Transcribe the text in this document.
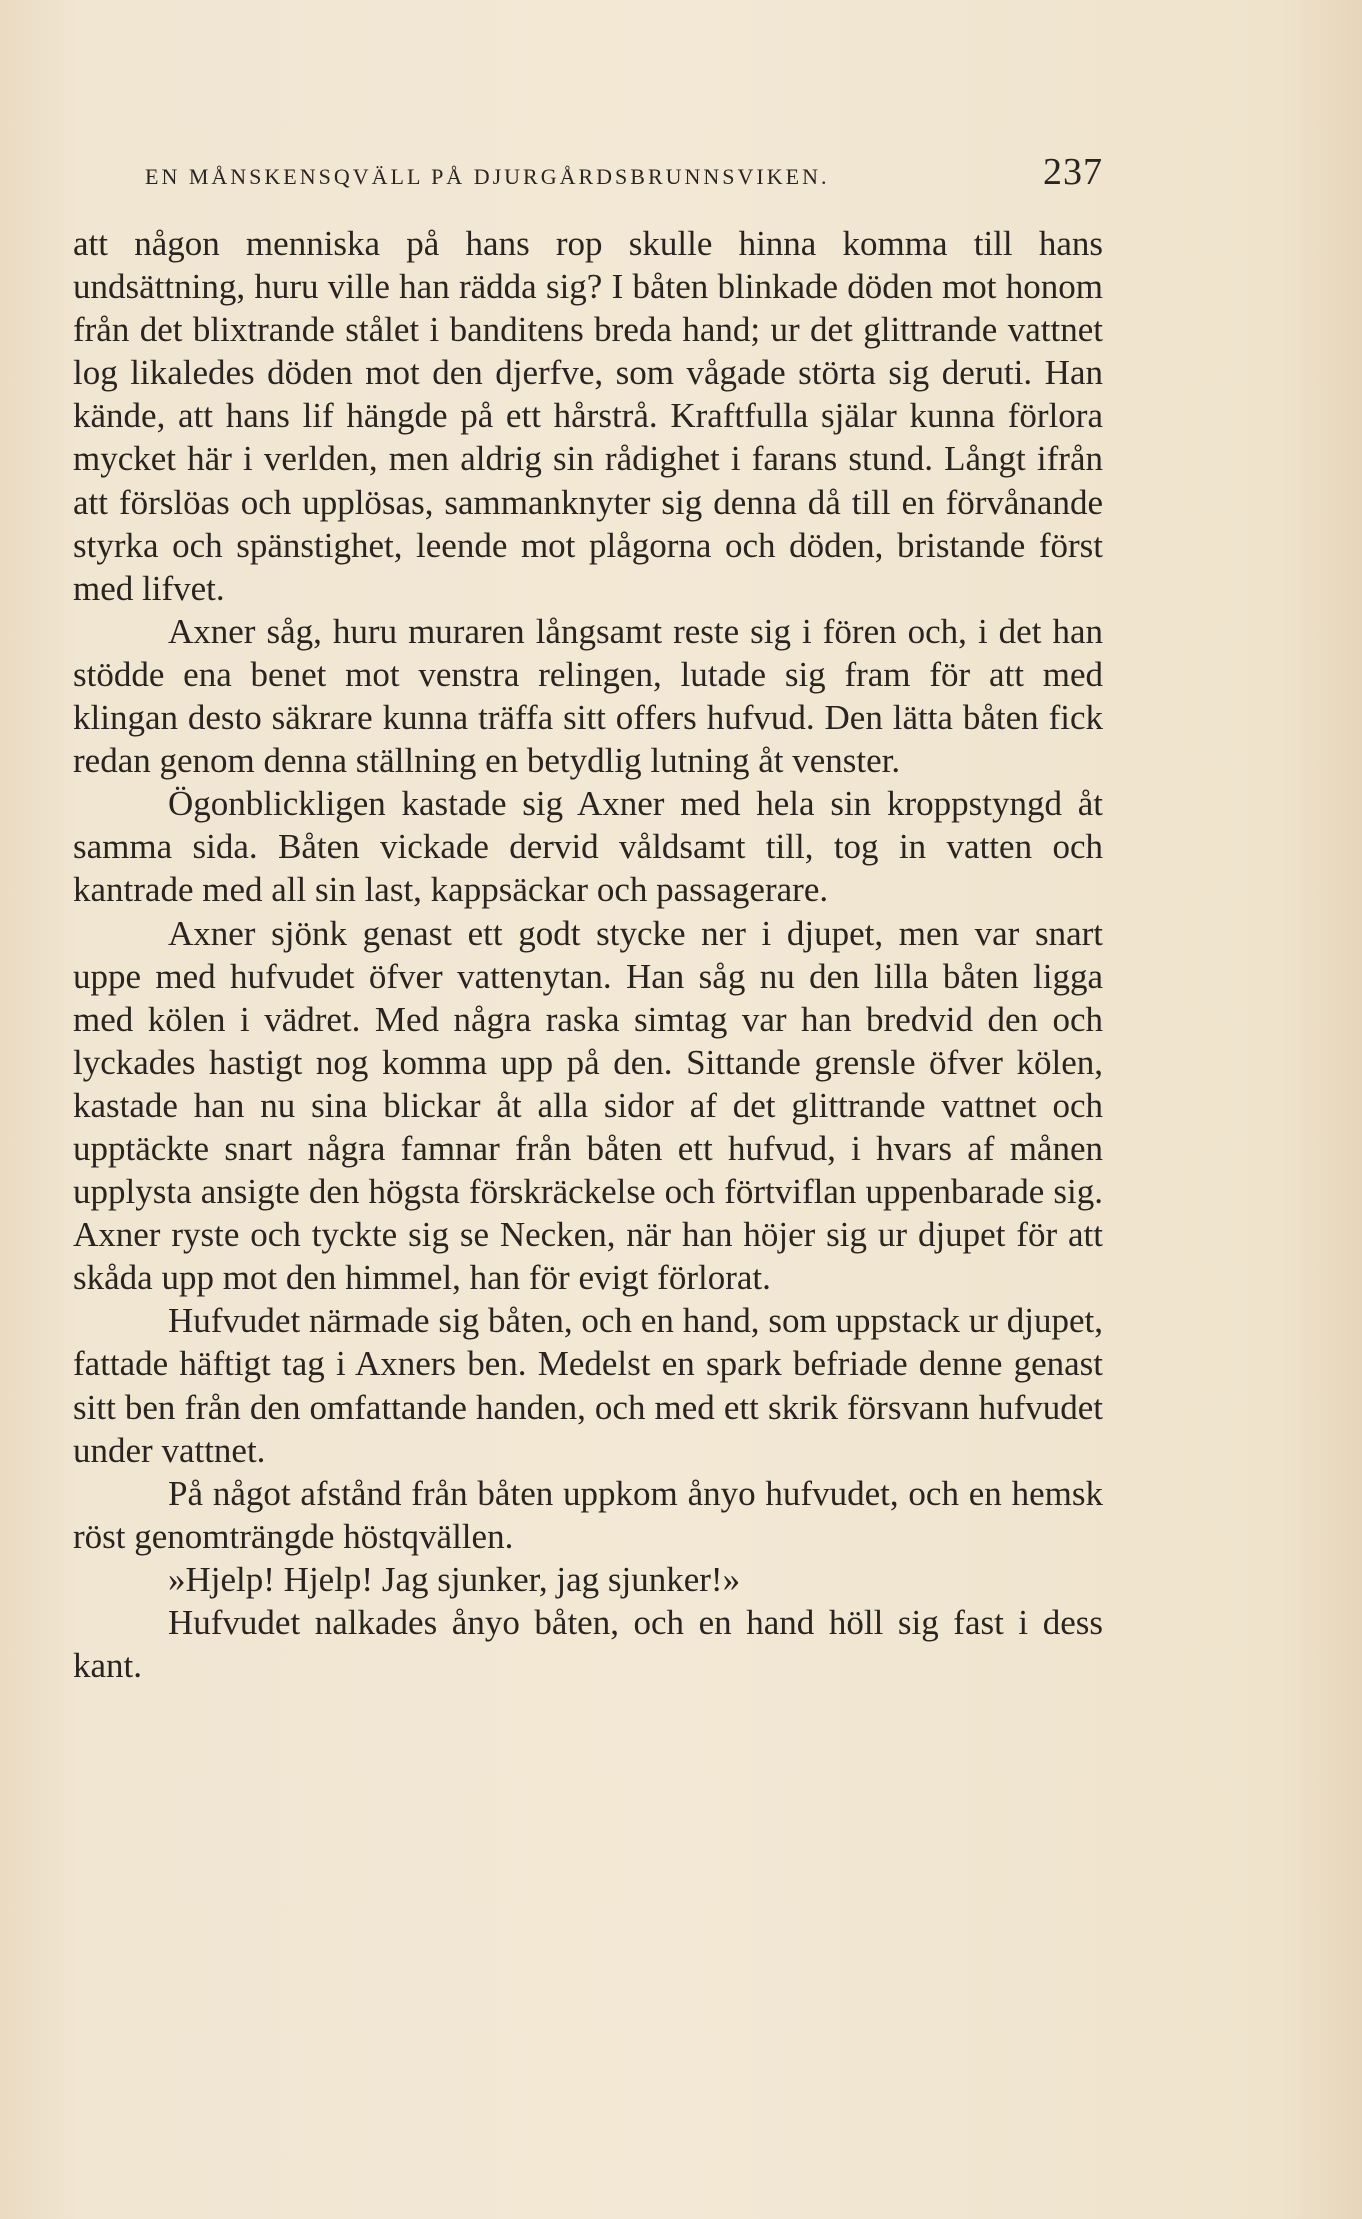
EN MÅNSKENSQVÄLL PÅ DJURGÅRDSBRUNNSVIKEN.	237

att någon menniska på hans rop skulle hinna komma till hans undsättning, huru ville han rädda sig? I båten blinkade döden mot honom från det blixtrande stålet i banditens breda hand; ur det glittrande vattnet log likaledes döden mot den djerfve, som vågade störta sig deruti. Han kände, att hans lif hängde på ett hårstrå. Kraftfulla själar kunna förlora mycket här i verlden, men aldrig sin rådighet i farans stund. Långt ifrån att förslöas och upplösas, sammanknyter sig denna då till en förvånande styrka och spänstighet, leende mot plågorna och döden, bristande först med lifvet.

Axner såg, huru muraren långsamt reste sig i fören och, i det han stödde ena benet mot venstra relingen, lutade sig fram för att med klingan desto säkrare kunna träffa sitt offers hufvud. Den lätta båten fick redan genom denna ställning en betydlig lutning åt venster.

Ögonblickligen kastade sig Axner med hela sin kroppstyngd åt samma sida. Båten vickade dervid våldsamt till, tog in vatten och kantrade med all sin last, kappsäckar och passagerare.

Axner sjönk genast ett godt stycke ner i djupet, men var snart uppe med hufvudet öfver vattenytan. Han såg nu den lilla båten ligga med kölen i vädret. Med några raska simtag var han bredvid den och lyckades hastigt nog komma upp på den. Sittande grensle öfver kölen, kastade han nu sina blickar åt alla sidor af det glittrande vattnet och upptäckte snart några famnar från båten ett hufvud, i hvars af månen upplysta ansigte den högsta förskräckelse och förtviflan uppenbarade sig. Axner ryste och tyckte sig se Necken, när han höjer sig ur djupet för att skåda upp mot den himmel, han för evigt förlorat.

Hufvudet närmade sig båten, och en hand, som uppstack ur djupet, fattade häftigt tag i Axners ben. Medelst en spark befriade denne genast sitt ben från den omfattande handen, och med ett skrik försvann hufvudet under vattnet.

På något afstånd från båten uppkom ånyo hufvudet, och en hemsk röst genomträngde höstqvällen.

»Hjelp! Hjelp! Jag sjunker, jag sjunker!»

Hufvudet nalkades ånyo båten, och en hand höll sig fast i dess kant.
